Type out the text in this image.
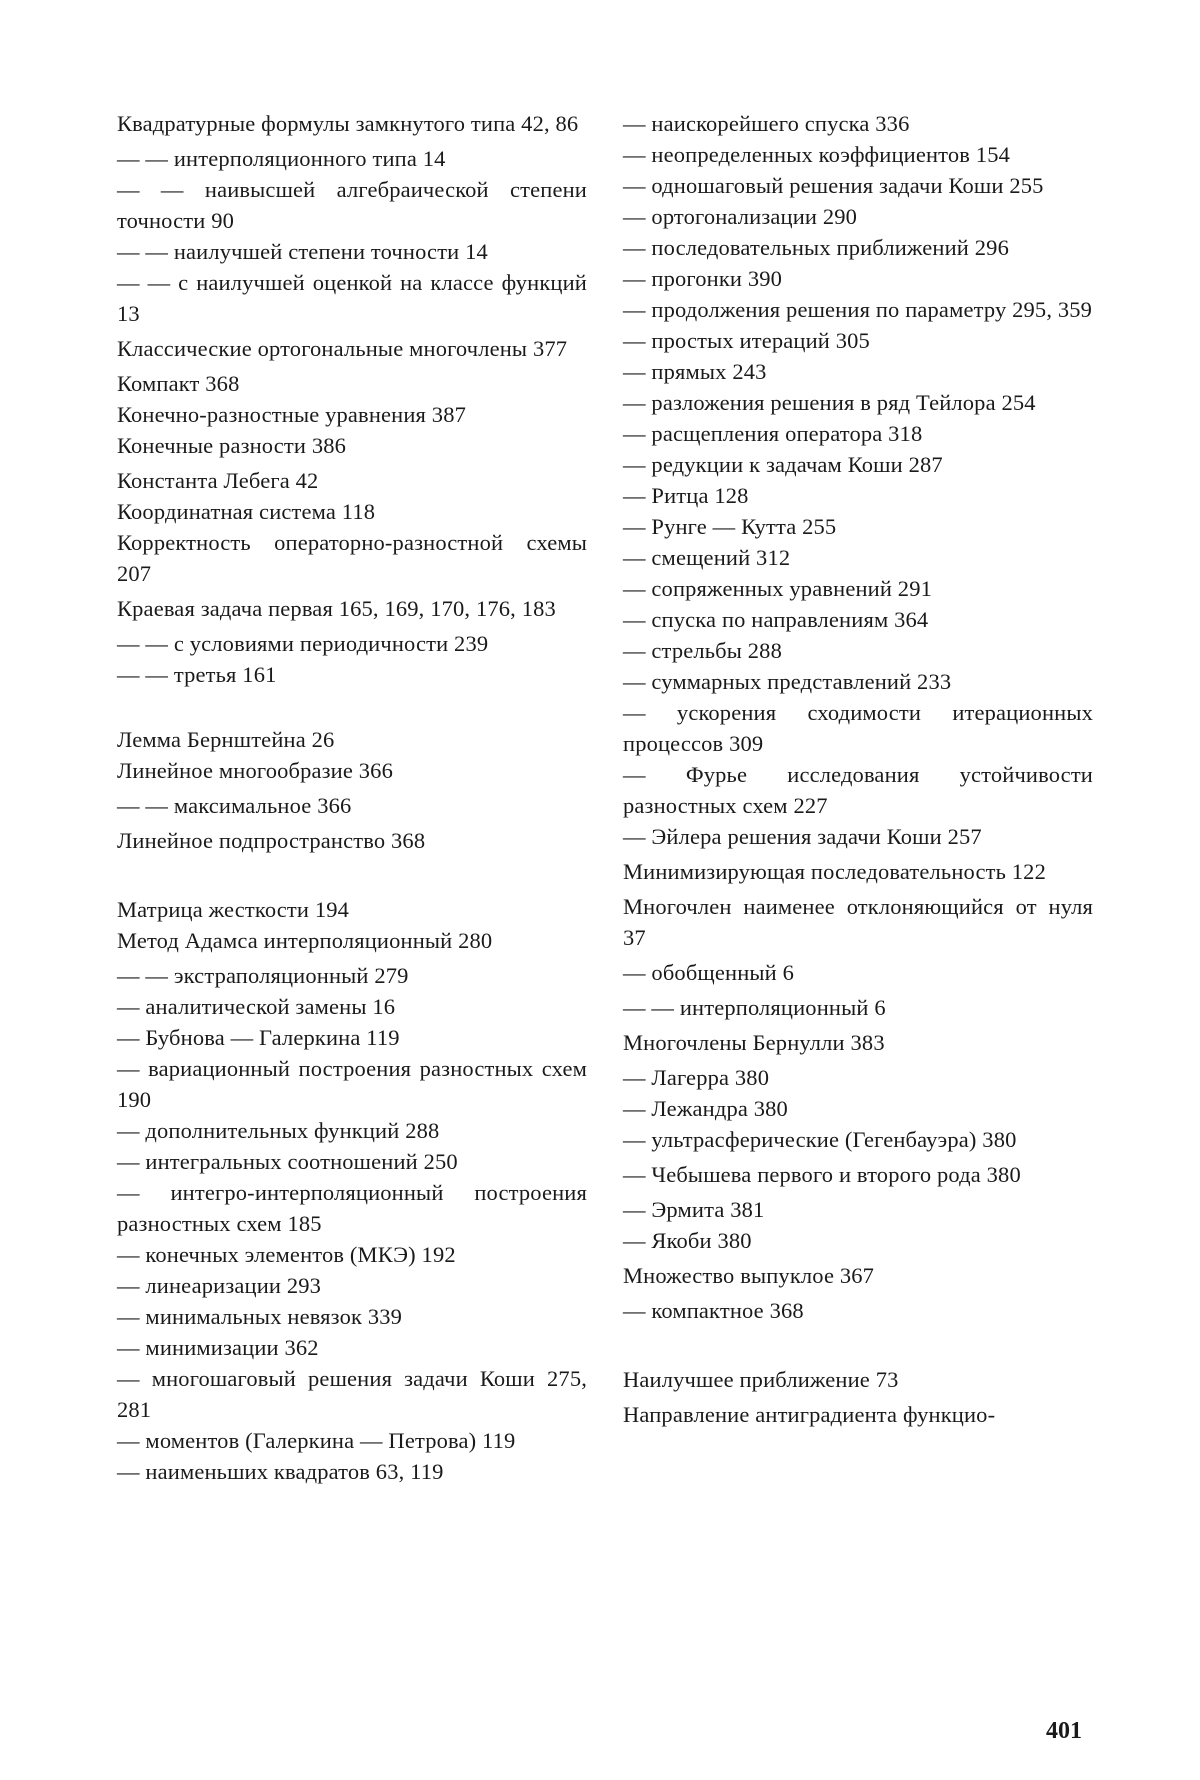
Квадратурные формулы замкнутого типа 42, 86
— — интерполяционного типа 14
— — наивысшей алгебраической степени точности 90
— — наилучшей степени точности 14
— — с наилучшей оценкой на классе функций 13
Классические ортогональные многочлены 377
Компакт 368
Конечно-разностные уравнения 387
Конечные разности 386
Константа Лебега 42
Координатная система 118
Корректность операторно-разностной схемы 207
Краевая задача первая 165, 169, 170, 176, 183
— — с условиями периодичности 239
— — третья 161
Лемма Бернштейна 26
Линейное многообразие 366
— — максимальное 366
Линейное подпространство 368
Матрица жесткости 194
Метод Адамса интерполяционный 280
— — экстраполяционный 279
— аналитической замены 16
— Бубнова — Галеркина 119
— вариационный построения разностных схем 190
— дополнительных функций 288
— интегральных соотношений 250
— интегро-интерполяционный построения разностных схем 185
— конечных элементов (МКЭ) 192
— линеаризации 293
— минимальных невязок 339
— минимизации 362
— многошаговый решения задачи Коши 275, 281
— моментов (Галеркина — Петрова) 119
— наименьших квадратов 63, 119
— наискорейшего спуска 336
— неопределенных коэффициентов 154
— одношаговый решения задачи Коши 255
— ортогонализации 290
— последовательных приближений 296
— прогонки 390
— продолжения решения по параметру 295, 359
— простых итераций 305
— прямых 243
— разложения решения в ряд Тейлора 254
— расщепления оператора 318
— редукции к задачам Коши 287
— Ритца 128
— Рунге — Кутта 255
— смещений 312
— сопряженных уравнений 291
— спуска по направлениям 364
— стрельбы 288
— суммарных представлений 233
— ускорения сходимости итерационных процессов 309
— Фурье исследования устойчивости разностных схем 227
— Эйлера решения задачи Коши 257
Минимизирующая последовательность 122
Многочлен наименее отклоняющийся от нуля 37
— обобщенный 6
— — интерполяционный 6
Многочлены Бернулли 383
— Лагерра 380
— Лежандра 380
— ультрасферические (Гегенбауэра) 380
— Чебышева первого и второго рода 380
— Эрмита 381
— Якоби 380
Множество выпуклое 367
— компактное 368
Наилучшее приближение 73
Направление антиградиента функцио-
401
